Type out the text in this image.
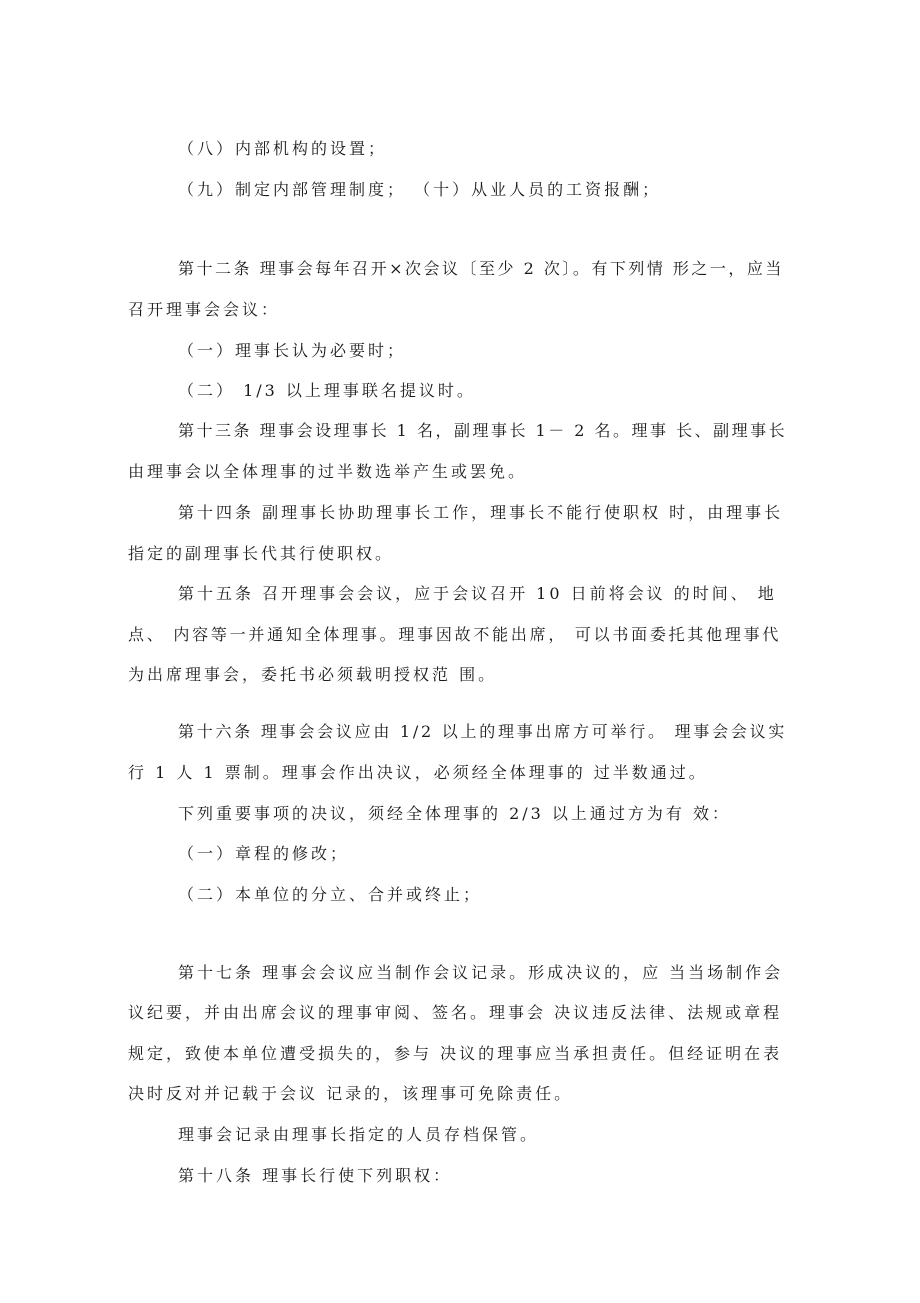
（八）内部机构的设置；
（九）制定内部管理制度； （十）从业人员的工资报酬；
第十二条 理事会每年召开×次会议〔至少 2 次〕。有下列情 形之一，应当
召开理事会会议：
（一）理事长认为必要时；
（二） 1/3 以上理事联名提议时。
第十三条 理事会设理事长 1 名，副理事长 1－ 2 名。理事 长、副理事长
由理事会以全体理事的过半数选举产生或罢免。
第十四条 副理事长协助理事长工作，理事长不能行使职权 时，由理事长
指定的副理事长代其行使职权。
第十五条 召开理事会会议，应于会议召开 10 日前将会议 的时间、 地
点、 内容等一并通知全体理事。理事因故不能出席， 可以书面委托其他理事代
为出席理事会，委托书必须载明授权范 围。
第十六条 理事会会议应由 1/2 以上的理事出席方可举行。 理事会会议实
行 1 人 1 票制。理事会作出决议，必须经全体理事的 过半数通过。
下列重要事项的决议，须经全体理事的 2/3 以上通过方为有 效：
（一）章程的修改；
（二）本单位的分立、合并或终止；
第十七条 理事会会议应当制作会议记录。形成决议的，应 当当场制作会
议纪要，并由出席会议的理事审阅、签名。理事会 决议违反法律、法规或章程
规定，致使本单位遭受损失的，参与 决议的理事应当承担责任。但经证明在表
决时反对并记载于会议 记录的，该理事可免除责任。
理事会记录由理事长指定的人员存档保管。
第十八条 理事长行使下列职权：
